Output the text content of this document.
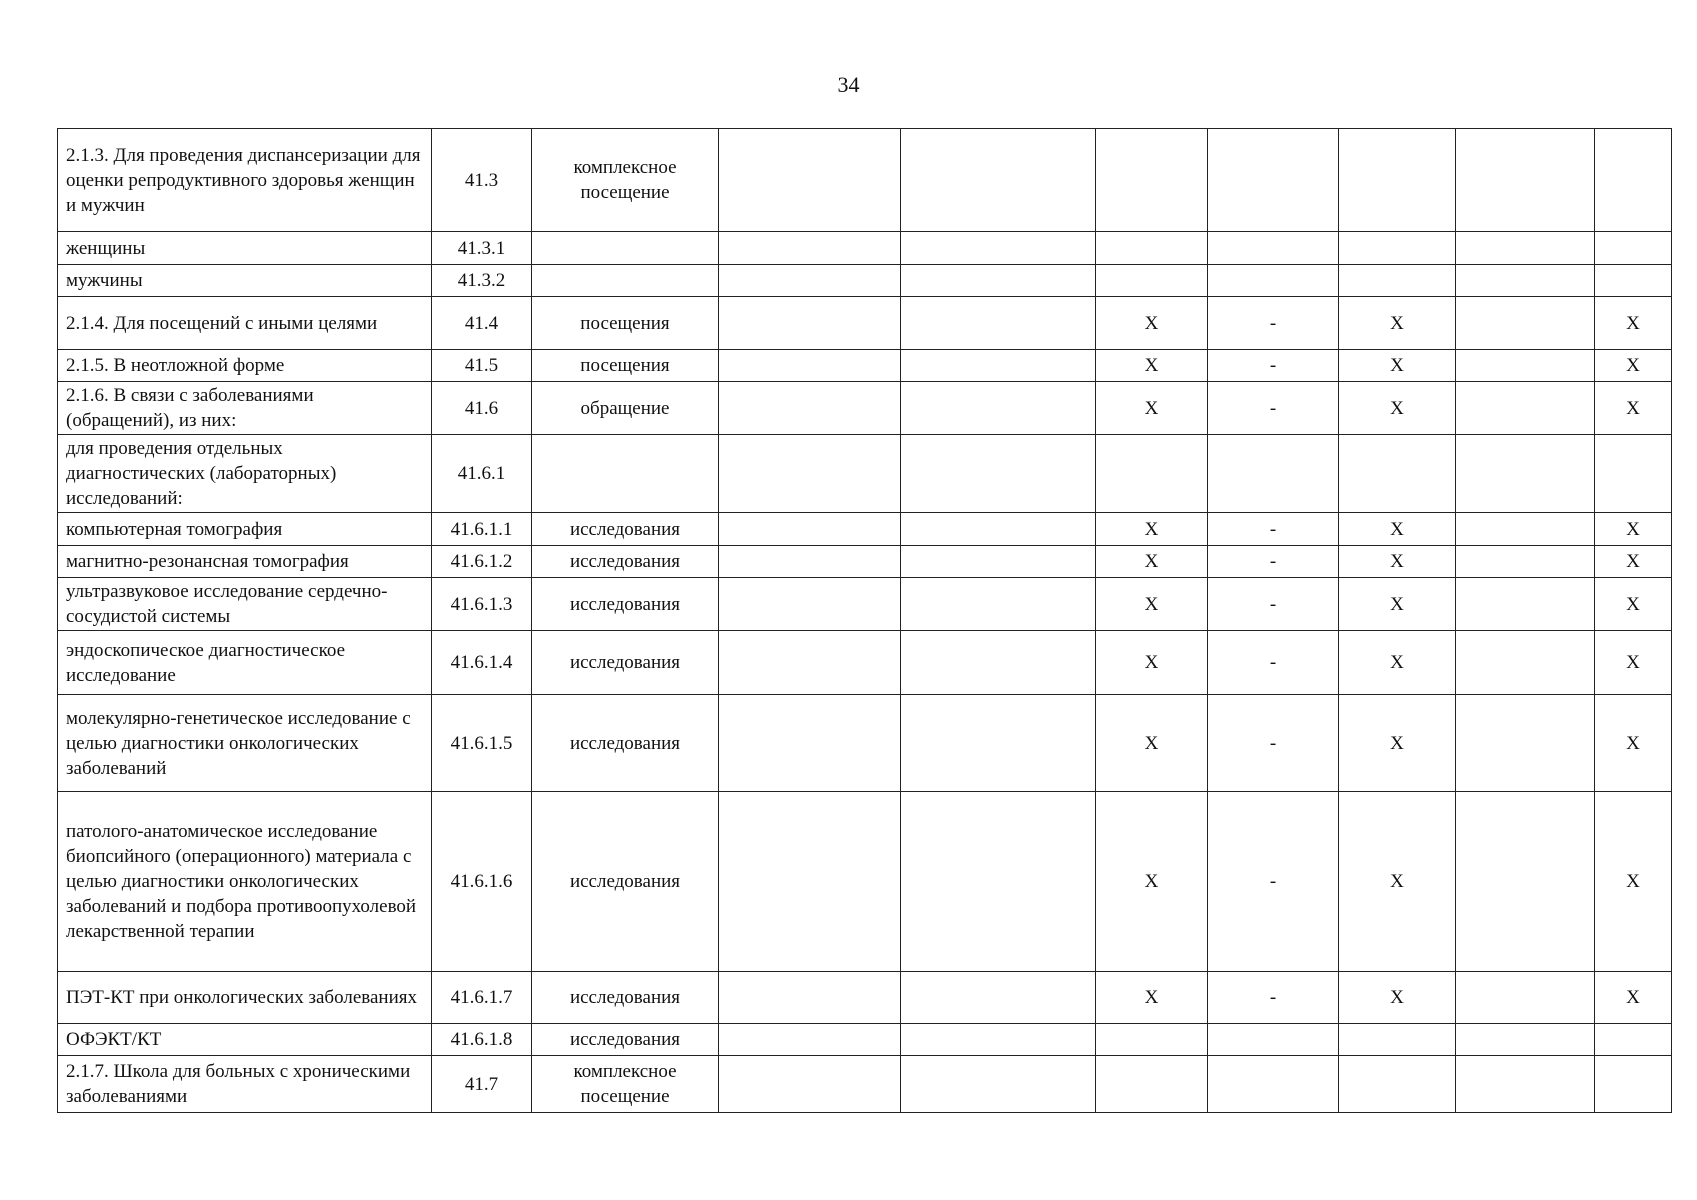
34
2.1.3. Для проведения диспансеризации для оценки репродуктивного здоровья женщин и мужчин	41.3	комплексное посещение							
женщины	41.3.1								
мужчины	41.3.2								
2.1.4. Для посещений с иными целями	41.4	посещения			X	-	X		X
2.1.5. В неотложной форме	41.5	посещения			X	-	X		X
2.1.6. В связи с заболеваниями (обращений), из них:	41.6	обращение			X	-	X		X
для проведения отдельных диагностических (лабораторных) исследований:	41.6.1								
компьютерная томография	41.6.1.1	исследования			X	-	X		X
магнитно-резонансная томография	41.6.1.2	исследования			X	-	X		X
ультразвуковое исследование сердечно-сосудистой системы	41.6.1.3	исследования			X	-	X		X
эндоскопическое диагностическое исследование	41.6.1.4	исследования			X	-	X		X
молекулярно-генетическое исследование с целью диагностики онкологических заболеваний	41.6.1.5	исследования			X	-	X		X
патолого-анатомическое исследование биопсийного (операционного) материала с целью диагностики онкологических заболеваний и подбора противоопухолевой лекарственной терапии	41.6.1.6	исследования			X	-	X		X
ПЭТ-КТ при онкологических заболеваниях	41.6.1.7	исследования			X	-	X		X
ОФЭКТ/КТ	41.6.1.8	исследования							
2.1.7. Школа для больных с хроническими заболеваниями	41.7	комплексное посещение							
